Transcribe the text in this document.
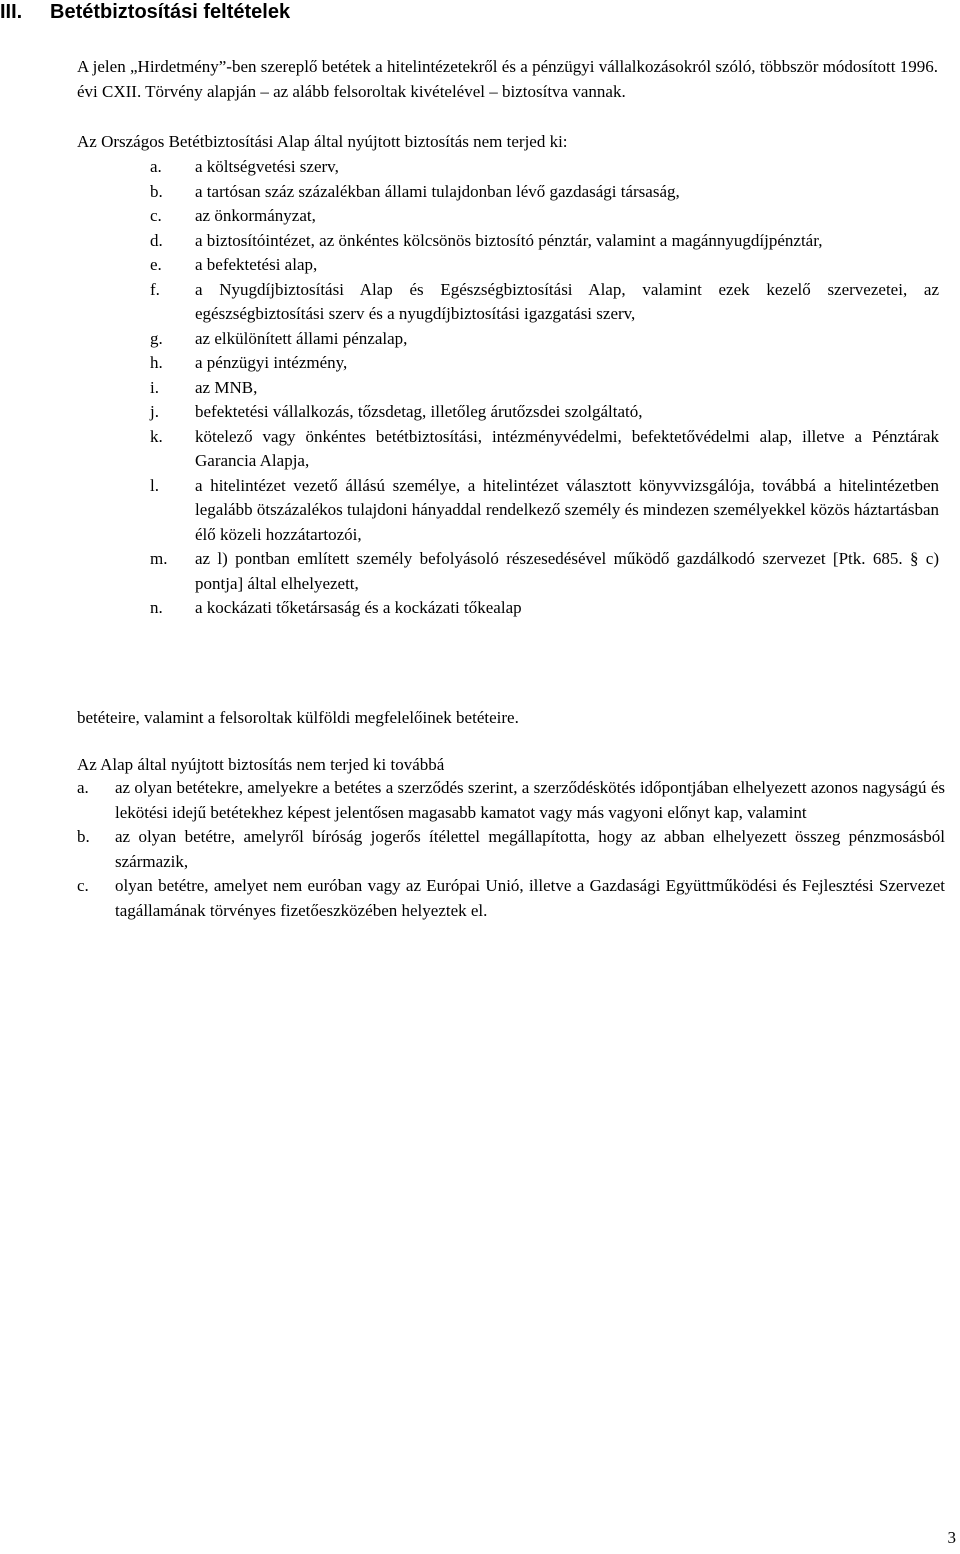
III. Betétbiztosítási feltételek

A jelen „Hirdetmény”-ben szereplő betétek a hitelintézetekről és a pénzügyi vállalkozásokról szóló, többször módosított 1996. évi CXII. Törvény alapján – az alább felsoroltak kivételével – biztosítva vannak.

Az Országos Betétbiztosítási Alap által nyújtott biztosítás nem terjed ki:

a.	a költségvetési szerv,
b.	a tartósan száz százalékban állami tulajdonban lévő gazdasági társaság,
c.	az önkormányzat,
d.	a biztosítóintézet, az önkéntes kölcsönös biztosító pénztár, valamint a magánnyugdíjpénztár,
e.	a befektetési alap,
f.	a Nyugdíjbiztosítási Alap és Egészségbiztosítási Alap, valamint ezek kezelő szervezetei, az egészségbiztosítási szerv és a nyugdíjbiztosítási igazgatási szerv,
g.	az elkülönített állami pénzalap,
h.	a pénzügyi intézmény,
i.	az MNB,
j.	befektetési vállalkozás, tőzsdetag, illetőleg árutőzsdei szolgáltató,
k.	kötelező vagy önkéntes betétbiztosítási, intézményvédelmi, befektetővédelmi alap, illetve a Pénztárak Garancia Alapja,
l.	a hitelintézet vezető állású személye, a hitelintézet választott könyvvizsgálója, továbbá a hitelintézetben legalább ötszázalékos tulajdoni hányaddal rendelkező személy és mindezen személyekkel közös háztartásban élő közeli hozzátartozói,
m.	az l) pontban említett személy befolyásoló részesedésével működő gazdálkodó szervezet [Ptk. 685. § c) pontja] által elhelyezett,
n.	a kockázati tőketársaság és a kockázati tőkealap

betéteire, valamint a felsoroltak külföldi megfelelőinek betéteire.

Az Alap által nyújtott biztosítás nem terjed ki továbbá

a.	az olyan betétekre, amelyekre a betétes a szerződés szerint, a szerződéskötés időpontjában elhelyezett azonos nagyságú és lekötési idejű betétekhez képest jelentősen magasabb kamatot vagy más vagyoni előnyt kap, valamint
b.	az olyan betétre, amelyről bíróság jogerős ítélettel megállapította, hogy az abban elhelyezett összeg pénzmosásból származik,
c.	olyan betétre, amelyet nem euróban vagy az Európai Unió, illetve a Gazdasági Együttműködési és Fejlesztési Szervezet tagállamának törvényes fizetőeszközében helyeztek el.
3
